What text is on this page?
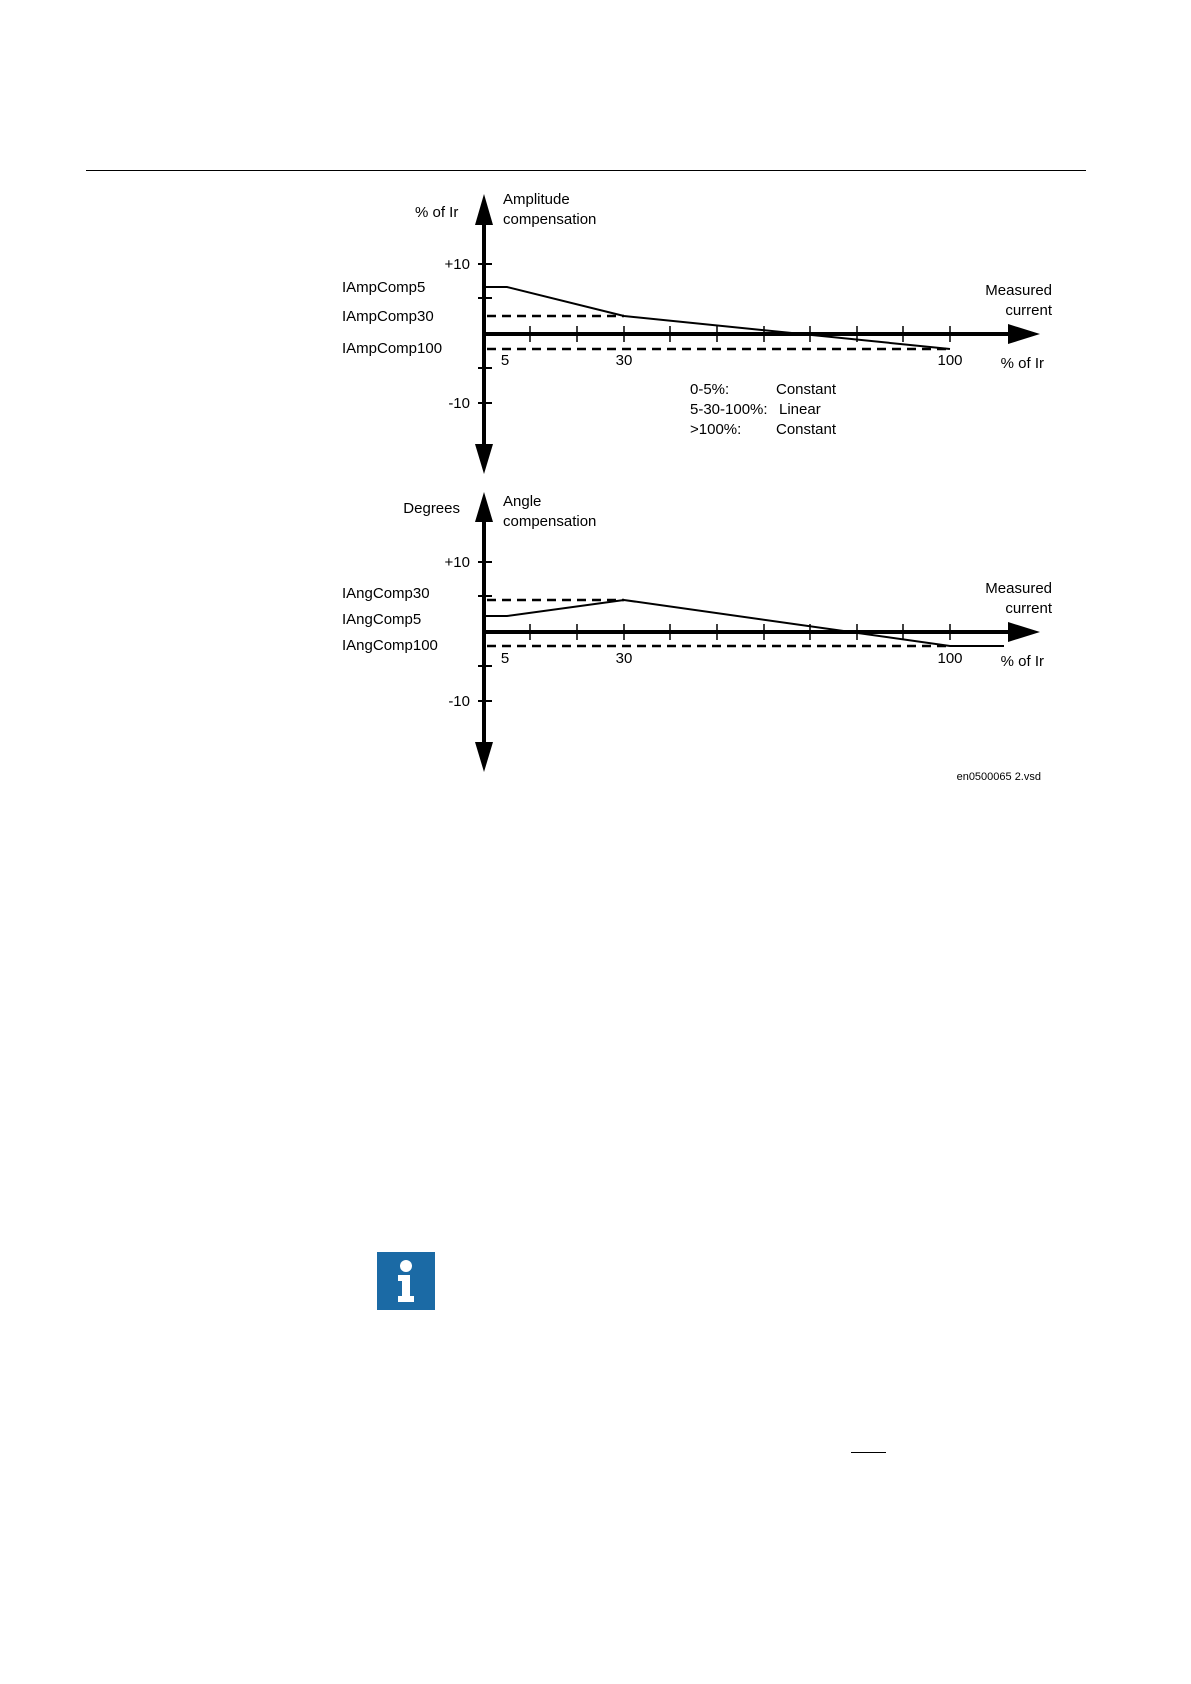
% of Ir
Amplitude
compensation
+10
-10
IAmpComp5
IAmpComp30
IAmpComp100
Measured
current
5	30	100	% of Ir
0-5%:	Constant
5-30-100%: Linear
>100%: Constant
Degrees	Angle
compensation
+10
-10
IAngComp30
IAngComp5
IAngComp100
Measured
current
5	30	100	% of Ir
en0500065 2.vsd
